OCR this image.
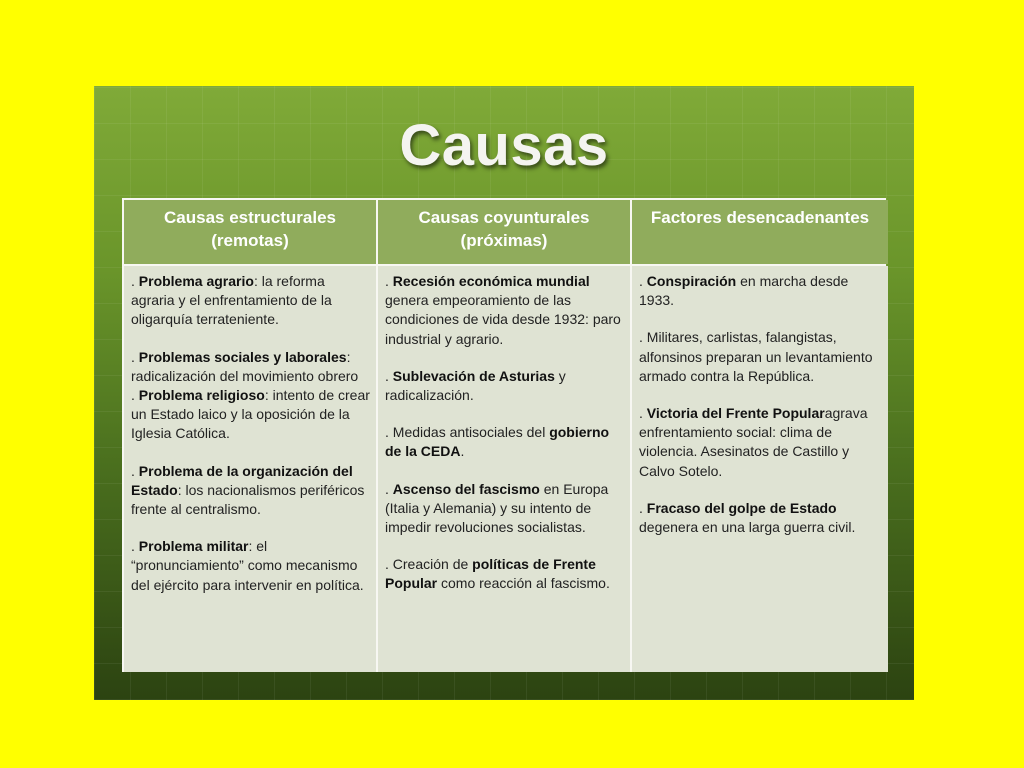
Causas
Causas estructurales (remotas)
Causas coyunturales (próximas)
Factores desencadenantes

. Problema agrario: la reforma agraria y el enfrentamiento de la oligarquía terrateniente.

. Problemas sociales y laborales: radicalización del movimiento obrero

. Problema religioso: intento de crear un Estado laico y la oposición de la Iglesia Católica.

. Problema de la organización del Estado: los nacionalismos periféricos frente al centralismo.

. Problema militar: el “pronunciamiento” como mecanismo del ejército para intervenir en política.

. Recesión económica mundial genera empeoramiento de las condiciones de vida desde 1932: paro industrial y agrario.

. Sublevación de Asturias y radicalización.

. Medidas antisociales del gobierno de la CEDA.

. Ascenso del fascismo en Europa (Italia y Alemania) y su intento de impedir revoluciones socialistas.

. Creación de políticas de Frente Popular como reacción al fascismo.

. Conspiración en marcha desde 1933.

. Militares, carlistas, falangistas, alfonsinos preparan un levantamiento armado contra la República.

. Victoria del Frente Popularagrava enfrentamiento social: clima de violencia. Asesinatos de Castillo y Calvo Sotelo.

. Fracaso del golpe de Estado degenera en una larga guerra civil.
